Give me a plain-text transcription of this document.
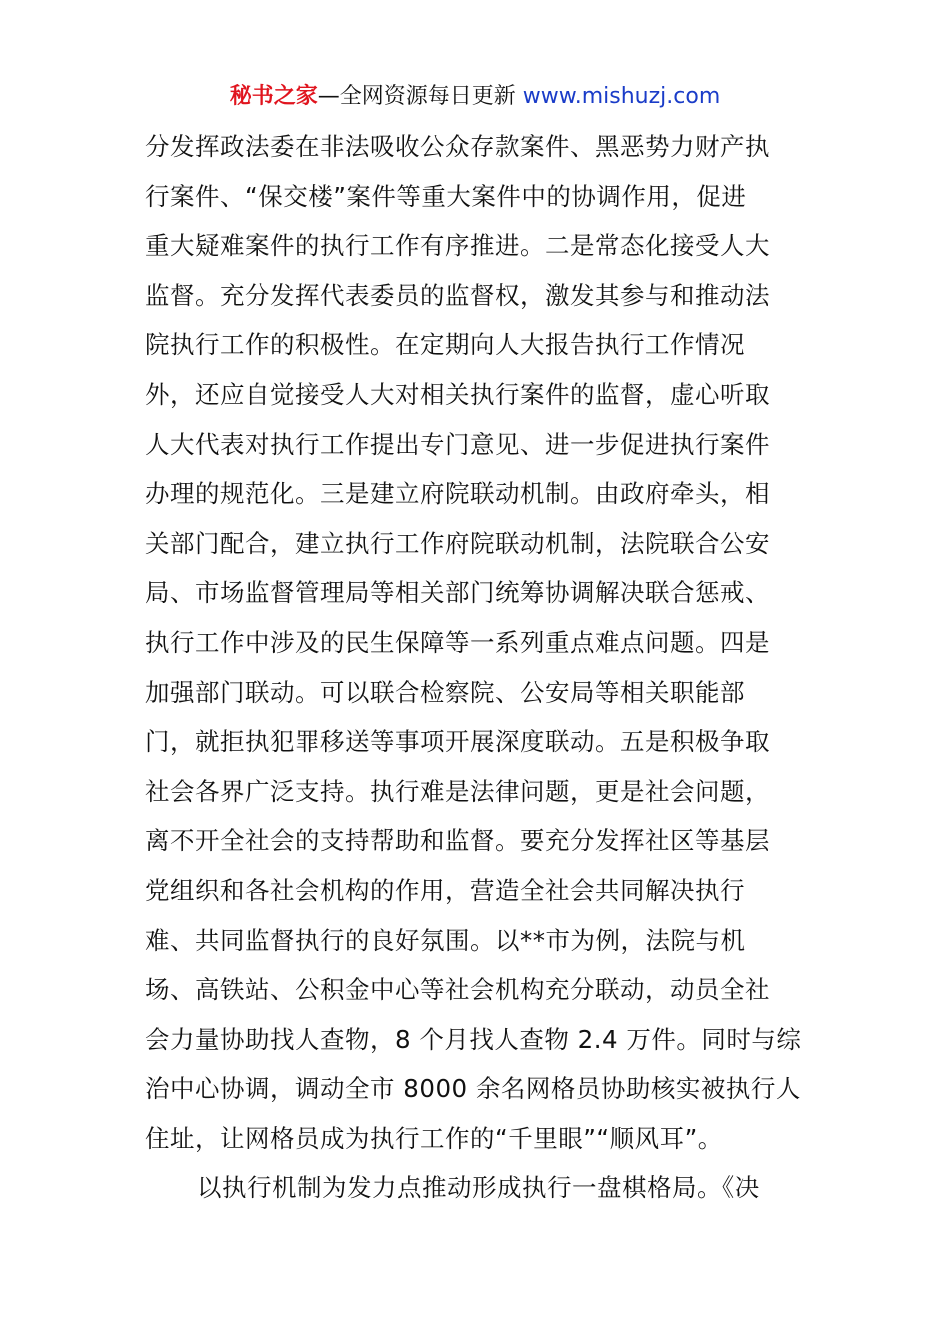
秘书之家—全网资源每日更新 www.mishuzj.com
分发挥政法委在非法吸收公众存款案件、黑恶势力财产执
行案件、“保交楼”案件等重大案件中的协调作用，促进
重大疑难案件的执行工作有序推进。二是常态化接受人大
监督。充分发挥代表委员的监督权，激发其参与和推动法
院执行工作的积极性。在定期向人大报告执行工作情况
外，还应自觉接受人大对相关执行案件的监督，虚心听取
人大代表对执行工作提出专门意见、进一步促进执行案件
办理的规范化。三是建立府院联动机制。由政府牵头，相
关部门配合，建立执行工作府院联动机制，法院联合公安
局、市场监督管理局等相关部门统筹协调解决联合惩戒、
执行工作中涉及的民生保障等一系列重点难点问题。四是
加强部门联动。可以联合检察院、公安局等相关职能部
门，就拒执犯罪移送等事项开展深度联动。五是积极争取
社会各界广泛支持。执行难是法律问题，更是社会问题，
离不开全社会的支持帮助和监督。要充分发挥社区等基层
党组织和各社会机构的作用，营造全社会共同解决执行
难、共同监督执行的良好氛围。以**市为例，法院与机
场、高铁站、公积金中心等社会机构充分联动，动员全社
会力量协助找人查物，8 个月找人查物 2.4 万件。同时与综
治中心协调，调动全市 8000 余名网格员协助核实被执行人
住址，让网格员成为执行工作的“千里眼”“顺风耳”。
以执行机制为发力点推动形成执行一盘棋格局。《决
